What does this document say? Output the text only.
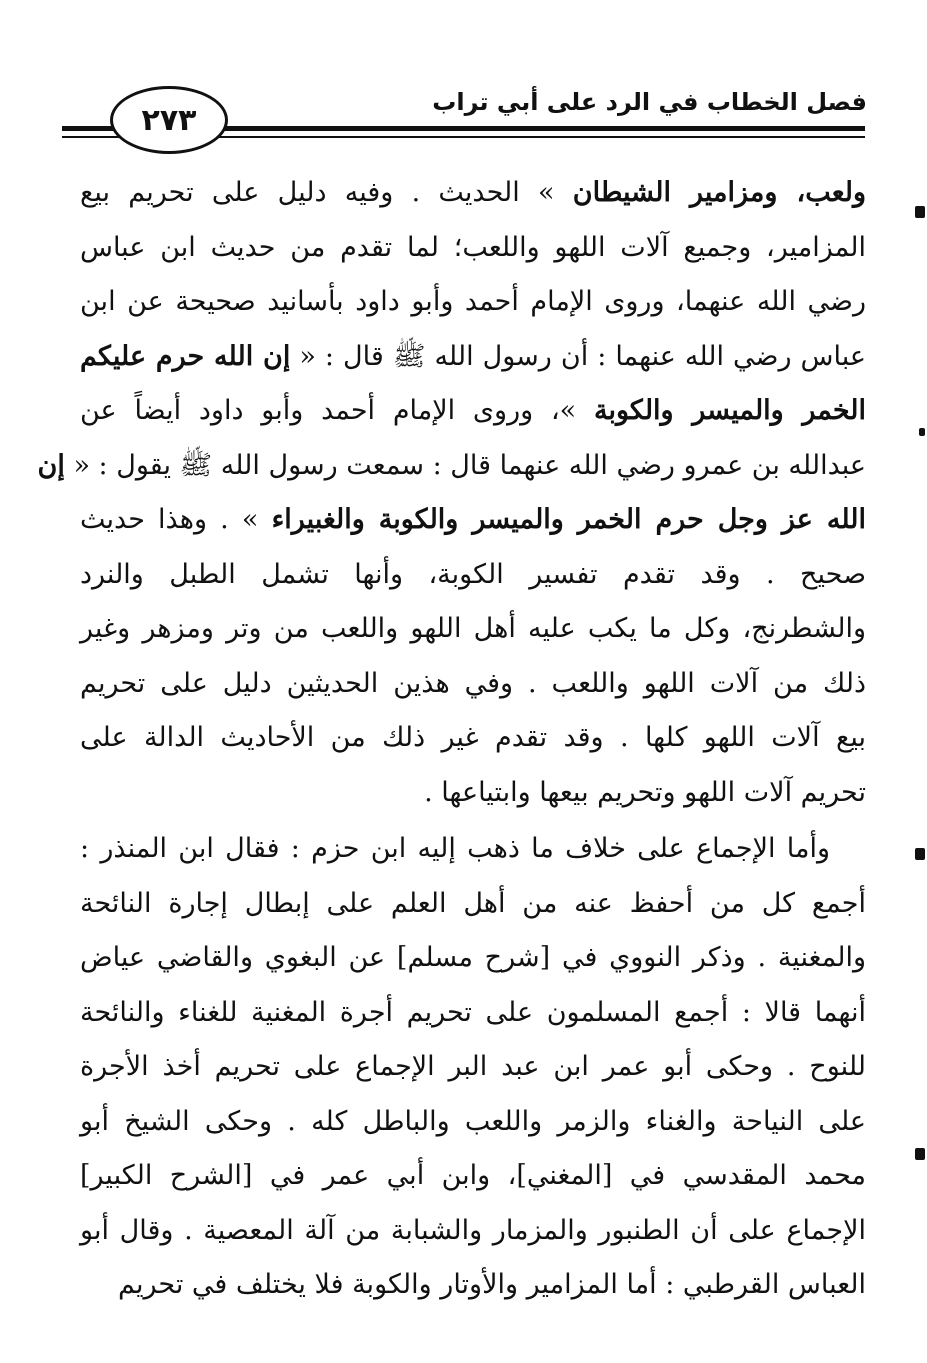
فصل الخطاب في الرد على أبي تراب
٢٧٣
ولعب، ومزامير الشيطان » الحديث . وفيه دليل على تحريم بيع
المزامير، وجميع آلات اللهو واللعب؛ لما تقدم من حديث ابن عباس
رضي الله عنهما، وروى الإمام أحمد وأبو داود بأسانيد صحيحة عن ابن
عباس رضي الله عنهما : أن رسول الله ﷺ قال : « إن الله حرم عليكم
الخمر والميسر والكوبة »، وروى الإمام أحمد وأبو داود أيضاً عن
عبدالله بن عمرو رضي الله عنهما قال : سمعت رسول الله ﷺ يقول : « إن
الله عز وجل حرم الخمر والميسر والكوبة والغبيراء » . وهذا حديث
صحيح . وقد تقدم تفسير الكوبة، وأنها تشمل الطبل والنرد
والشطرنج، وكل ما يكب عليه أهل اللهو واللعب من وتر ومزهر وغير
ذلك من آلات اللهو واللعب . وفي هذين الحديثين دليل على تحريم
بيع آلات اللهو كلها . وقد تقدم غير ذلك من الأحاديث الدالة على
تحريم آلات اللهو وتحريم بيعها وابتياعها .
وأما الإجماع على خلاف ما ذهب إليه ابن حزم : فقال ابن المنذر :
أجمع كل من أحفظ عنه من أهل العلم على إبطال إجارة النائحة
والمغنية . وذكر النووي في [شرح مسلم] عن البغوي والقاضي عياض
أنهما قالا : أجمع المسلمون على تحريم أجرة المغنية للغناء والنائحة
للنوح . وحكى أبو عمر ابن عبد البر الإجماع على تحريم أخذ الأجرة
على النياحة والغناء والزمر واللعب والباطل كله . وحكى الشيخ أبو
محمد المقدسي في [المغني]، وابن أبي عمر في [الشرح الكبير]
الإجماع على أن الطنبور والمزمار والشبابة من آلة المعصية . وقال أبو
العباس القرطبي : أما المزامير والأوتار والكوبة فلا يختلف في تحريم
